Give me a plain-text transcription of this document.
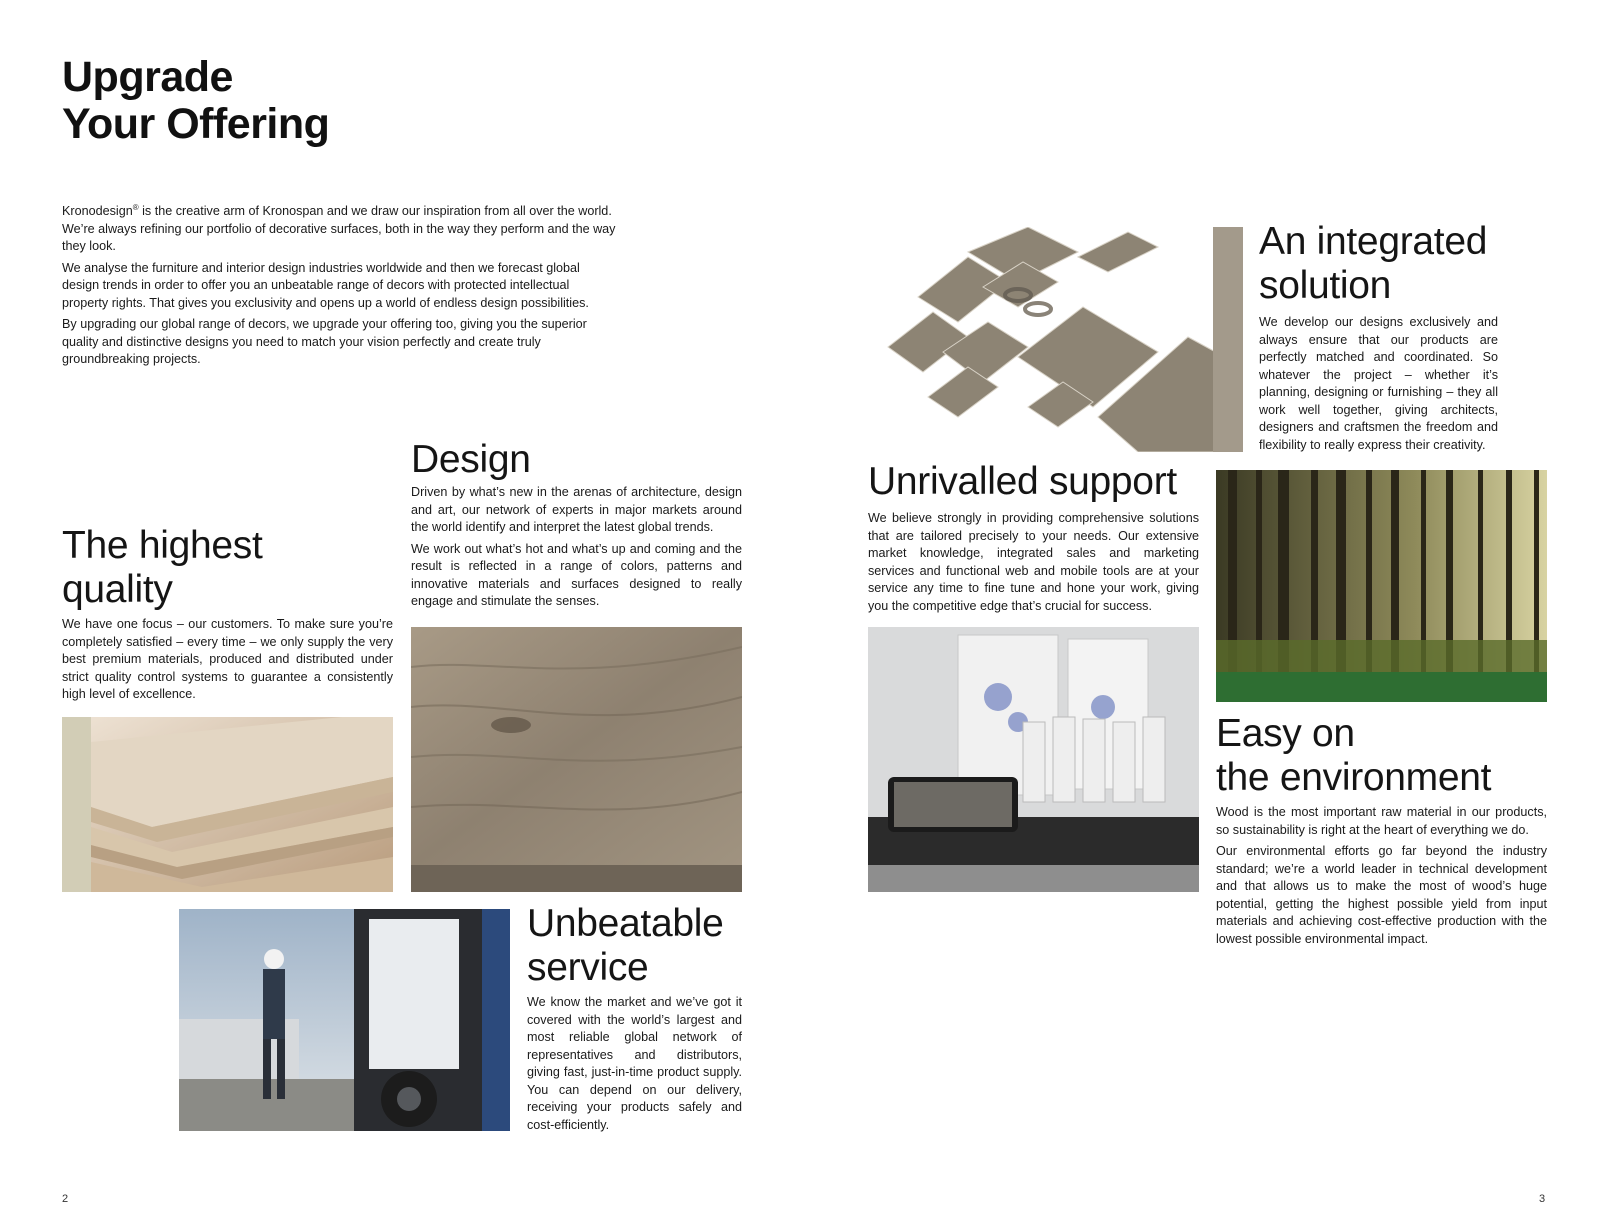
Upgrade
Your Offering

Kronodesign® is the creative arm of Kronospan and we draw our inspiration from all over the world. We’re always refining our portfolio of decorative surfaces, both in the way they perform and the way they look.

We analyse the furniture and interior design industries worldwide and then we forecast global design trends in order to offer you an unbeatable range of decors with protected intellectual property rights. That gives you exclusivity and opens up a world of endless design possibilities.

By upgrading our global range of decors, we upgrade your offering too, giving you the superior quality and distinctive designs you need to match your vision perfectly and create truly groundbreaking projects.

Design

Driven by what’s new in the arenas of architecture, design and art, our network of experts in major markets around the world identify and interpret the latest global trends.

We work out what’s hot and what’s up and coming and the result is reflected in a range of colors, patterns and innovative materials and surfaces designed to really engage and stimulate the senses.

The highest
quality

We have one focus – our customers. To make sure you’re completely satisfied – every time – we only supply the very best premium materials, produced and distributed under strict quality control systems to guarantee a consistently high level of excellence.

Unbeatable
service

We know the market and we’ve got it covered with the world’s largest and most reliable global network of representatives and distributors, giving fast, just-in-time product supply. You can depend on our delivery, receiving your products safely and cost-efficiently.

2
An integrated
solution

We develop our designs exclusively and always ensure that our products are perfectly matched and coordinated. So whatever the project – whether it’s planning, designing or furnishing – they all work well together, giving architects, designers and craftsmen the freedom and flexibility to really express their creativity.

Unrivalled support

We believe strongly in providing comprehensive solutions that are tailored precisely to your needs. Our extensive market knowledge, integrated sales and marketing services and functional web and mobile tools are at your service any time to fine tune and hone your work, giving you the competitive edge that’s crucial for success.

Easy on
the environment

Wood is the most important raw material in our products, so sustainability is right at the heart of everything we do.

Our environmental efforts go far beyond the industry standard; we’re a world leader in technical development and that allows us to make the most of wood’s huge potential, getting the highest possible yield from input materials and achieving cost-effective production with the lowest possible environmental impact.

3
